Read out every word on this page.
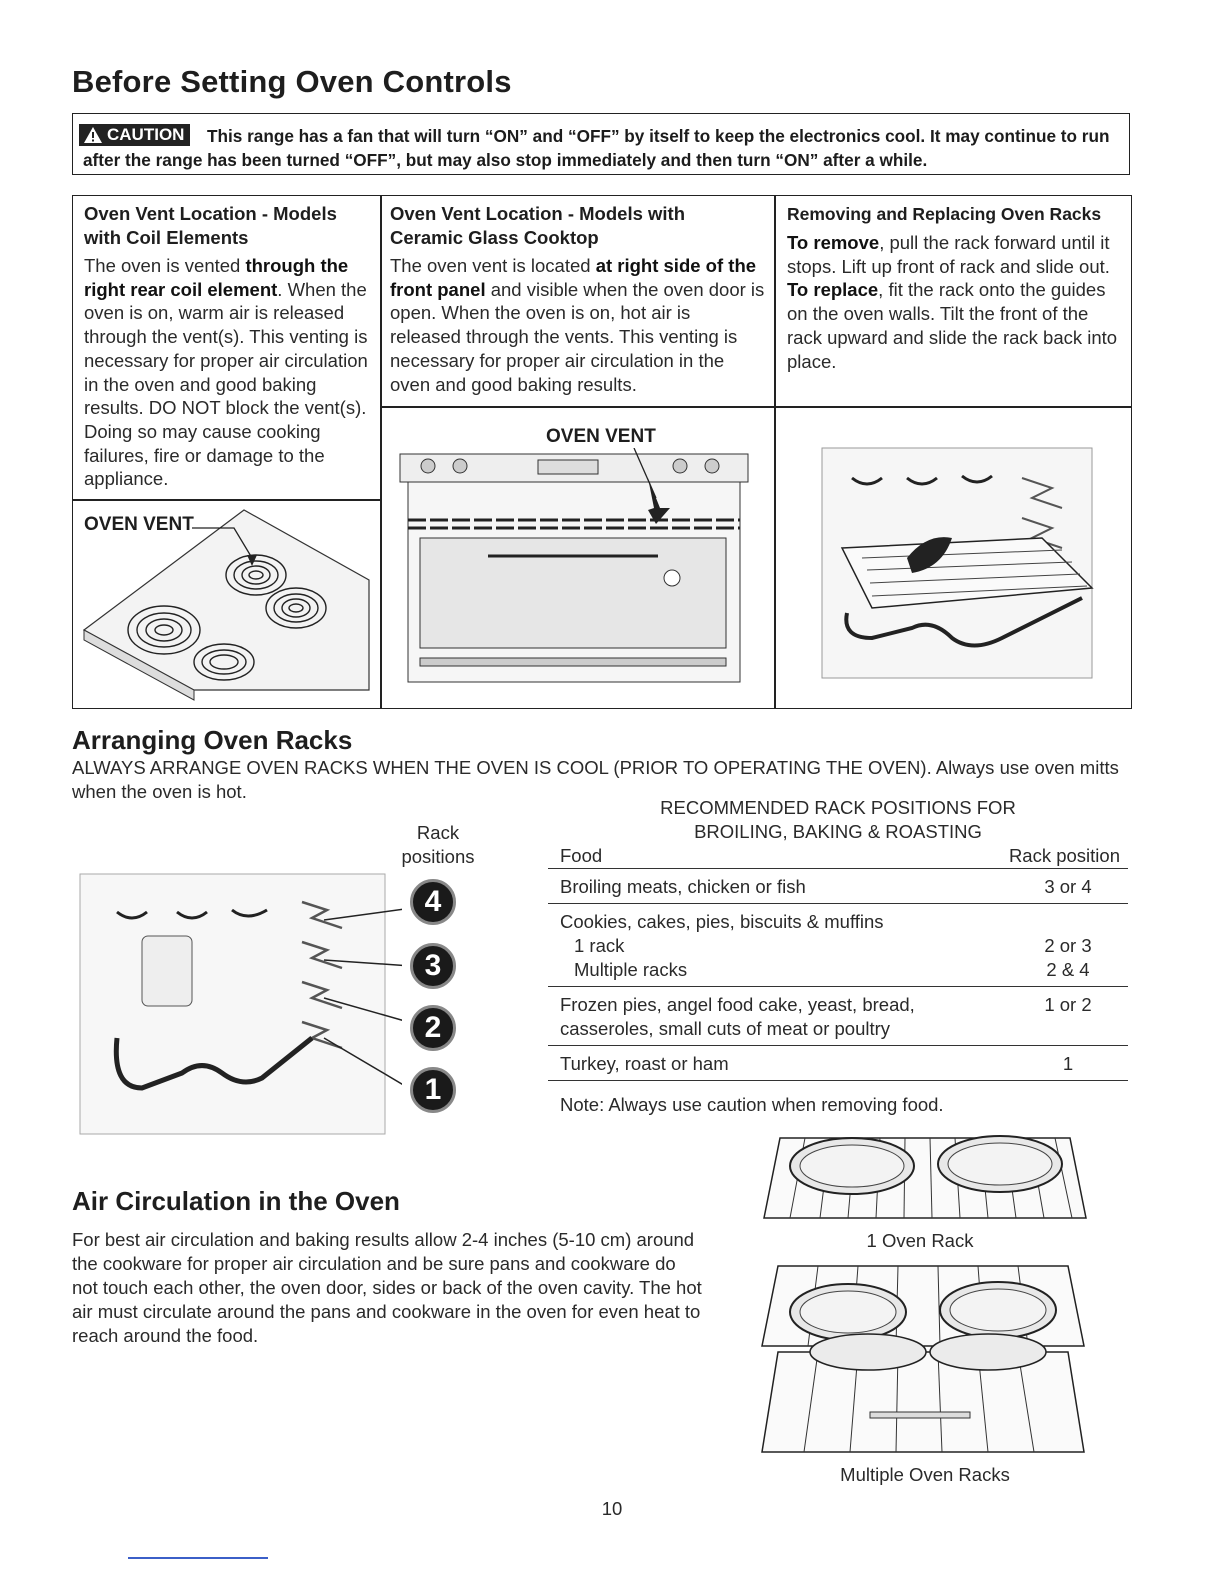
Before Setting Oven Controls
This range has a fan that will turn “ON” and “OFF” by itself to keep the electronics cool. It may continue to run after the range has been turned “OFF”, but may also stop immediately and then turn “ON” after a while.
CAUTION
Oven Vent Location - Models with Coil Elements
The oven is vented through the right rear coil element. When the oven is on, warm air is released through the vent(s). This venting is necessary for proper air circulation in the oven and good baking results. DO NOT block the vent(s). Doing so may cause cooking failures, fire or damage to the appliance.
Oven Vent Location - Models with Ceramic Glass Cooktop
The oven vent is located at right side of the front panel and visible when the oven door is open. When the oven is on, hot air is released through the vents. This venting is necessary for proper air circulation in the oven and good baking results.
Removing and Replacing Oven Racks
To remove, pull the rack forward until it stops. Lift up front of rack and slide out. To replace, fit the rack onto the guides on the oven walls. Tilt the front of the rack upward and slide the rack back into place.
OVEN VENT
OVEN VENT
Arranging Oven Racks
ALWAYS ARRANGE OVEN RACKS WHEN THE OVEN IS COOL (PRIOR TO OPERATING THE OVEN). Always use oven mitts when the oven is hot.
Rack
positions
4
3
2
1
RECOMMENDED RACK POSITIONS FOR
BROILING, BAKING & ROASTING
Food	Rack position
Broiling meats, chicken or fish	3 or 4
Cookies, cakes, pies, biscuits & muffins
1 rack	2 or 3
Multiple racks	2 & 4
Frozen pies, angel food cake, yeast, bread,	1 or 2
casseroles, small cuts of meat or poultry
Turkey, roast or ham	1
Note: Always use caution when removing food.
Air Circulation in the Oven
For best air circulation and baking results allow 2-4 inches (5-10 cm) around the cookware for proper air circulation and be sure pans and cookware do not touch each other, the oven door, sides or back of the oven cavity. The hot air must circulate around the pans and cookware in the oven for even heat to reach around the food.
1 Oven Rack
Multiple Oven Racks
10
